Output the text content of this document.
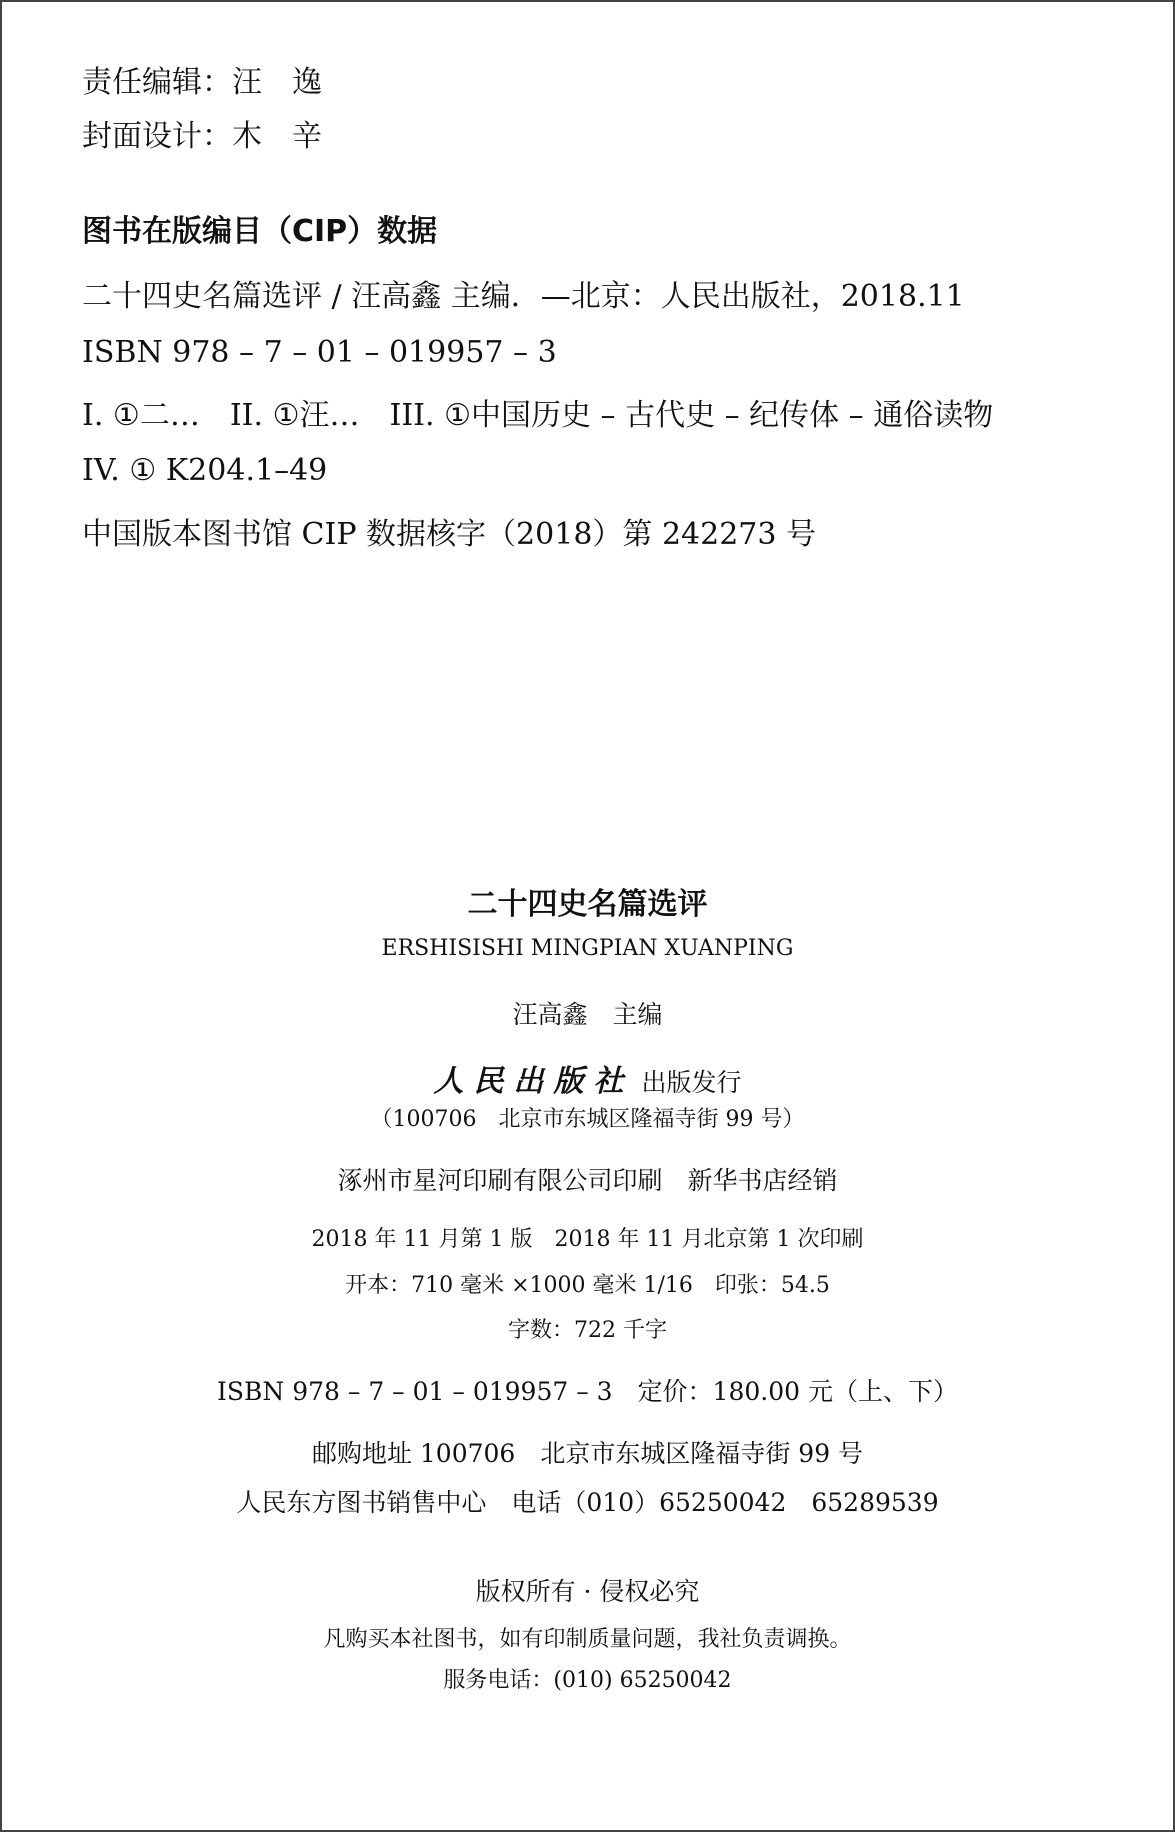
责任编辑：汪　逸
封面设计：木　辛
图书在版编目（CIP）数据
二十四史名篇选评 / 汪高鑫 主编．—北京：人民出版社，2018.11
ISBN 978 – 7 – 01 – 019957 – 3
I. ①二…　II. ①汪…　III. ①中国历史 – 古代史 – 纪传体 – 通俗读物
IV. ① K204.1–49
中国版本图书馆 CIP 数据核字（2018）第 242273 号
二十四史名篇选评
ERSHISISHI MINGPIAN XUANPING
汪高鑫　主编
人民出版社 出版发行
（100706　北京市东城区隆福寺街 99 号）
涿州市星河印刷有限公司印刷　新华书店经销
2018 年 11 月第 1 版　2018 年 11 月北京第 1 次印刷
开本：710 毫米 ×1000 毫米 1/16　印张：54.5
字数：722 千字
ISBN 978 – 7 – 01 – 019957 – 3　定价：180.00 元（上、下）
邮购地址 100706　北京市东城区隆福寺街 99 号
人民东方图书销售中心　电话（010）65250042　65289539
版权所有 · 侵权必究
凡购买本社图书，如有印制质量问题，我社负责调换。
服务电话：(010) 65250042
